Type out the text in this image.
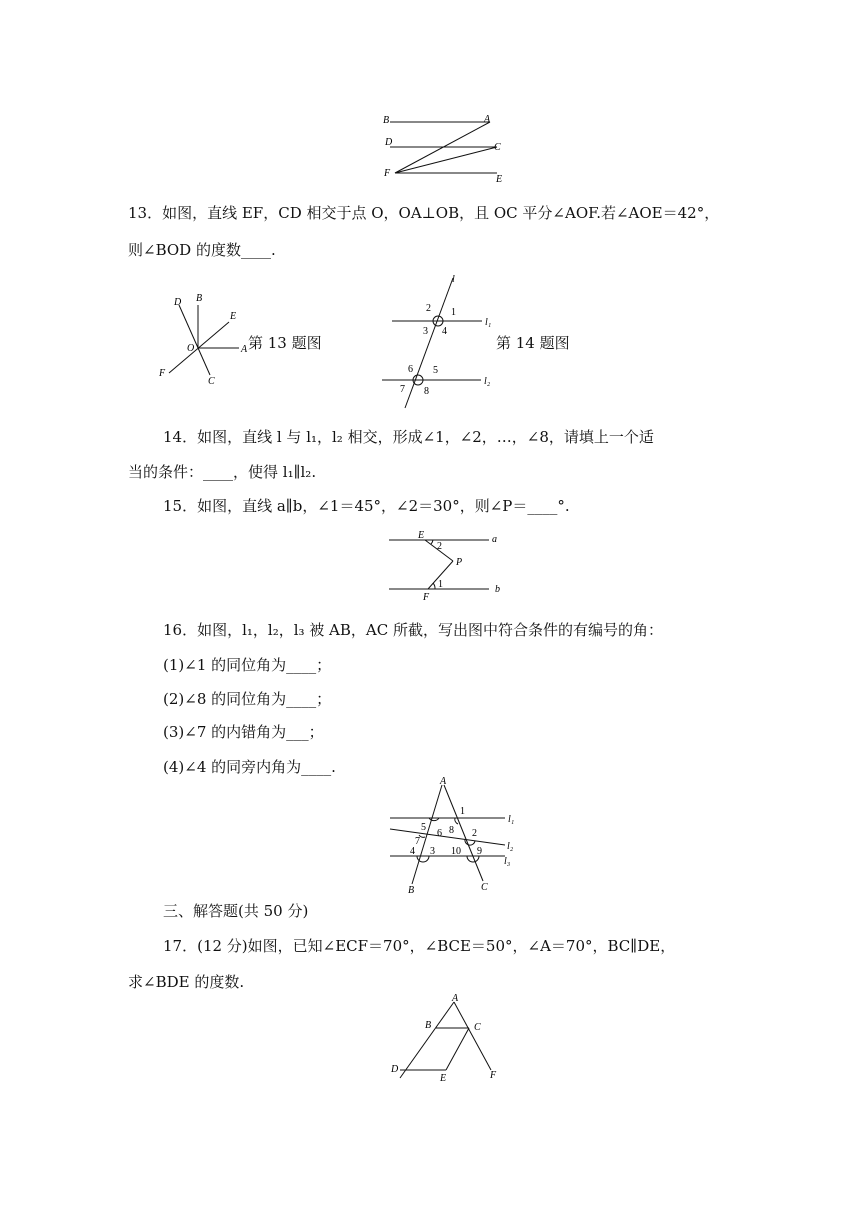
B	A
D	C
F
E
13．如图，直线 EF，CD 相交于点 O，OA⊥OB，且 OC 平分∠AOF.若∠AOE＝42°，
则∠BOD 的度数____.
D B
E
O	A
F
C
第 13 题图
l
l₁
l₂
1
2
3 4
5
6
7 8
第 14 题图
14．如图，直线 l 与 l₁，l₂ 相交，形成∠1，∠2，…，∠8，请填上一个适
当的条件：____，使得 l₁∥l₂.
15．如图，直线 a∥b，∠1＝45°，∠2＝30°，则∠P＝____°.
E
2
a
P
1	b
F
16．如图，l₁，l₂，l₃ 被 AB，AC 所截，写出图中符合条件的有编号的角：
(1)∠1 的同位角为____；
(2)∠8 的同位角为____；
(3)∠7 的内错角为___；
(4)∠4 的同旁内角为____.
A
1
l₁
5
6 8 2
l₂
7
4 3 10 9
l₃
B	C
三、解答题(共 50 分)
17．(12 分)如图，已知∠ECF＝70°，∠BCE＝50°，∠A＝70°，BC∥DE，
求∠BDE 的度数.
A
B	C
D
E	F
